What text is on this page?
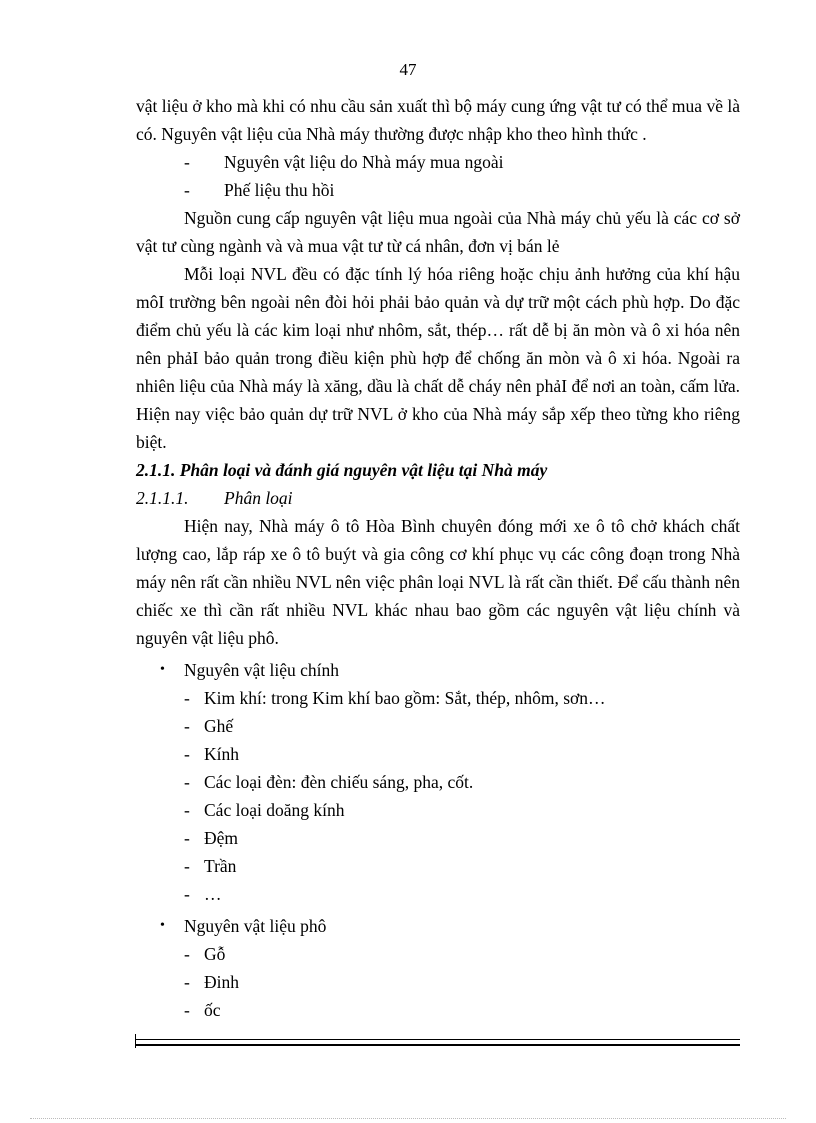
47

vật liệu ở kho mà khi có nhu cầu sản xuất thì bộ máy cung ứng vật tư có thể mua về là có. Nguyên vật liệu của Nhà máy thường được nhập kho theo hình thức .

-	Nguyên vật liệu do Nhà máy mua ngoài
-	Phế liệu thu hồi

Nguồn cung cấp nguyên vật liệu mua ngoài của Nhà máy chủ yếu là các cơ sở vật tư cùng ngành và và mua vật tư từ cá nhân, đơn vị bán lẻ

Mỗi loại NVL đều có đặc tính lý hóa riêng hoặc chịu ảnh hưởng của khí hậu môI trường bên ngoài nên đòi hỏi phải bảo quản và dự trữ một cách phù hợp. Do đặc điểm chủ yếu là các kim loại như nhôm, sắt, thép… rất dễ bị ăn mòn và ô xi hóa nên nên phảI bảo quản trong điều kiện phù hợp để chống ăn mòn và ô xi hóa. Ngoài ra nhiên liệu của Nhà máy là xăng, dầu là chất dễ cháy nên phảI để nơi an toàn, cấm lửa. Hiện nay việc bảo quản dự trữ NVL ở kho của Nhà máy sắp xếp theo từng kho riêng biệt.

2.1.1. Phân loại và đánh giá nguyên vật liệu tại Nhà máy

2.1.1.1. Phân loại

Hiện nay, Nhà máy ô tô Hòa Bình chuyên đóng mới xe ô tô chở khách chất lượng cao, lắp ráp xe ô tô buýt và gia công cơ khí phục vụ các công đoạn trong Nhà máy nên rất cần nhiều NVL nên việc phân loại NVL là rất cần thiết. Để cấu thành nên chiếc xe thì cần rất nhiều NVL khác nhau bao gồm các nguyên vật liệu chính và nguyên vật liệu phô.

•	Nguyên vật liệu chính
- Kim khí: trong Kim khí bao gồm: Sắt, thép, nhôm, sơn…
- Ghế
- Kính
- Các loại đèn: đèn chiếu sáng, pha, cốt.
- Các loại doăng kính
- Đệm
- Trần
- …
•	Nguyên vật liệu phô
- Gỗ
- Đinh
- ốc
